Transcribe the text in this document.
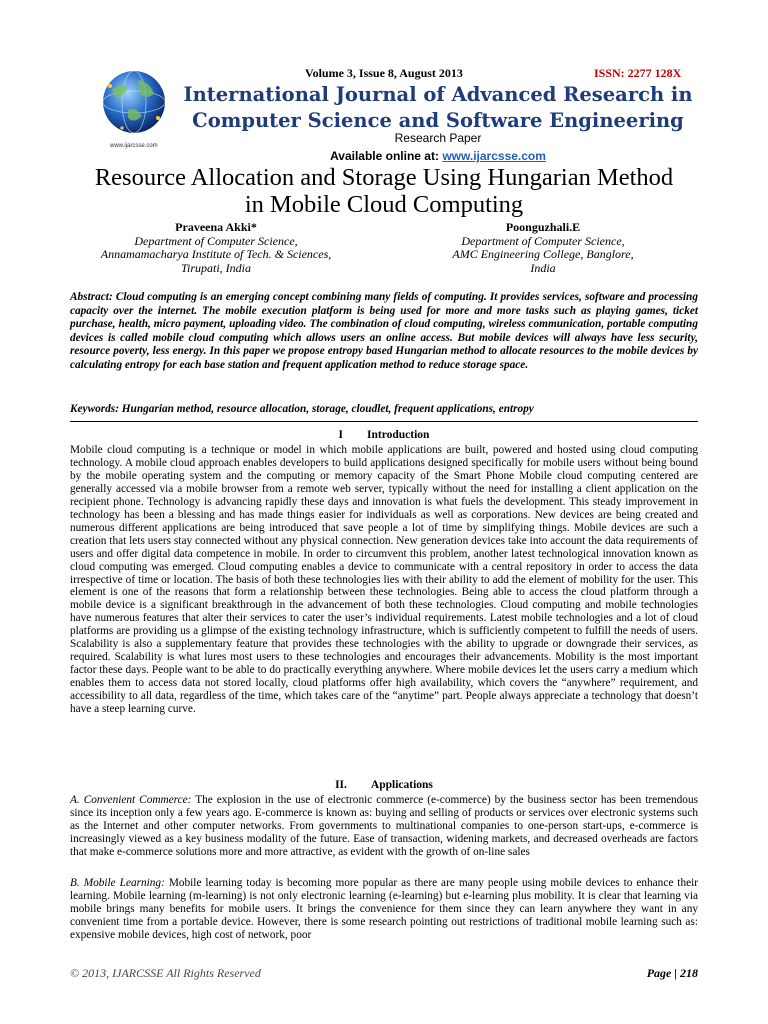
www.ijarcsse.com
Volume 3, Issue 8, August 2013	ISSN: 2277 128X
International Journal of Advanced Research in
Computer Science and Software Engineering
Research Paper
Available online at: www.ijarcsse.com
Resource Allocation and Storage Using Hungarian Method
in Mobile Cloud Computing
Praveena Akki*
Department of Computer Science,
Annamamacharya Institute of Tech. & Sciences,
Tirupati, India
Poonguzhali.E
Department of Computer Science,
AMC Engineering College, Banglore,
India
Abstract: Cloud computing is an emerging concept combining many fields of computing. It provides services, software and processing capacity over the internet. The mobile execution platform is being used for more and more tasks such as playing games, ticket purchase, health, micro payment, uploading video. The combination of cloud computing, wireless communication, portable computing devices is called mobile cloud computing which allows users an online access. But mobile devices will always have less security, resource poverty, less energy. In this paper we propose entropy based Hungarian method to allocate resources to the mobile devices by calculating entropy for each base station and frequent application method to reduce storage space.
Keywords: Hungarian method, resource allocation, storage, cloudlet, frequent applications, entropy
I Introduction
Mobile cloud computing is a technique or model in which mobile applications are built, powered and hosted using cloud computing technology. A mobile cloud approach enables developers to build applications designed specifically for mobile users without being bound by the mobile operating system and the computing or memory capacity of the Smart Phone Mobile cloud computing centered are generally accessed via a mobile browser from a remote web server, typically without the need for installing a client application on the recipient phone. Technology is advancing rapidly these days and innovation is what fuels the development. This steady improvement in technology has been a blessing and has made things easier for individuals as well as corporations. New devices are being created and numerous different applications are being introduced that save people a lot of time by simplifying things. Mobile devices are such a creation that lets users stay connected without any physical connection. New generation devices take into account the data requirements of users and offer digital data competence in mobile. In order to circumvent this problem, another latest technological innovation known as cloud computing was emerged. Cloud computing enables a device to communicate with a central repository in order to access the data irrespective of time or location. The basis of both these technologies lies with their ability to add the element of mobility for the user. This element is one of the reasons that form a relationship between these technologies. Being able to access the cloud platform through a mobile device is a significant breakthrough in the advancement of both these technologies. Cloud computing and mobile technologies have numerous features that alter their services to cater the user’s individual requirements. Latest mobile technologies and a lot of cloud platforms are providing us a glimpse of the existing technology infrastructure, which is sufficiently competent to fulfill the needs of users. Scalability is also a supplementary feature that provides these technologies with the ability to upgrade or downgrade their services, as required. Scalability is what lures most users to these technologies and encourages their advancements. Mobility is the most important factor these days. People want to be able to do practically everything anywhere. Where mobile devices let the users carry a medium which enables them to access data not stored locally, cloud platforms offer high availability, which covers the “anywhere” requirement, and accessibility to all data, regardless of the time, which takes care of the “anytime” part. People always appreciate a technology that doesn’t have a steep learning curve.
II. Applications
A. Convenient Commerce: The explosion in the use of electronic commerce (e-commerce) by the business sector has been tremendous since its inception only a few years ago. E-commerce is known as: buying and selling of products or services over electronic systems such as the Internet and other computer networks. From governments to multinational companies to one-person start-ups, e-commerce is increasingly viewed as a key business modality of the future. Ease of transaction, widening markets, and decreased overheads are factors that make e-commerce solutions more and more attractive, as evident with the growth of on-line sales
B. Mobile Learning: Mobile learning today is becoming more popular as there are many people using mobile devices to enhance their learning. Mobile learning (m-learning) is not only electronic learning (e-learning) but e-learning plus mobility. It is clear that learning via mobile brings many benefits for mobile users. It brings the convenience for them since they can learn anywhere they want in any convenient time from a portable device. However, there is some research pointing out restrictions of traditional mobile learning such as: expensive mobile devices, high cost of network, poor
© 2013, IJARCSSE All Rights Reserved	Page | 218
